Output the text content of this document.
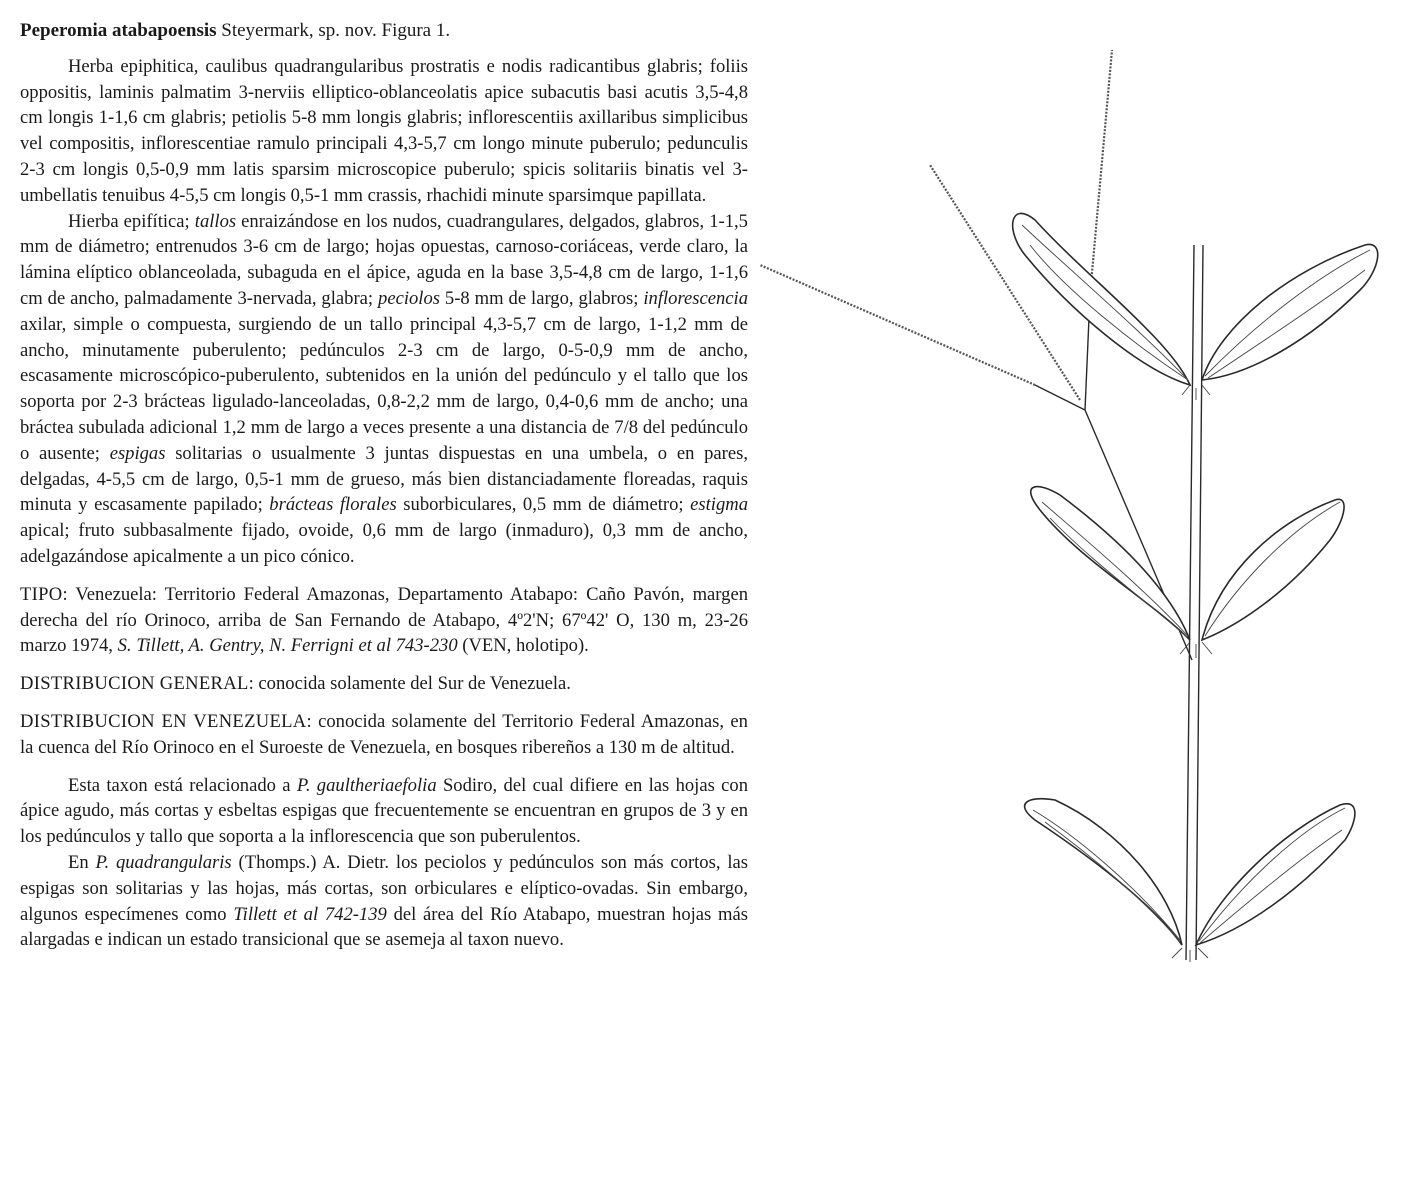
Peperomia atabapoensis Steyermark, sp. nov. Figura 1.

Herba epiphitica, caulibus quadrangularibus prostratis e nodis radicantibus glabris; foliis oppositis, laminis palmatim 3-nerviis elliptico-oblanceolatis apice subacutis basi acutis 3,5-4,8 cm longis 1-1,6 cm glabris; petiolis 5-8 mm longis glabris; inflorescentiis axillaribus simplicibus vel compositis, inflorescentiae ramulo principali 4,3-5,7 cm longo minute puberulo; pedunculis 2-3 cm longis 0,5-0,9 mm latis sparsim microscopice puberulo; spicis solitariis binatis vel 3-umbellatis tenuibus 4-5,5 cm longis 0,5-1 mm crassis, rhachidi minute sparsimque papillata.

Hierba epifítica; tallos enraizándose en los nudos, cuadrangulares, delgados, glabros, 1-1,5 mm de diámetro; entrenudos 3-6 cm de largo; hojas opuestas, carnoso-coriáceas, verde claro, la lámina elíptico oblanceolada, subaguda en el ápice, aguda en la base 3,5-4,8 cm de largo, 1-1,6 cm de ancho, palmadamente 3-nervada, glabra; peciolos 5-8 mm de largo, glabros; inflorescencia axilar, simple o compuesta, surgiendo de un tallo principal 4,3-5,7 cm de largo, 1-1,2 mm de ancho, minutamente puberulento; pedúnculos 2-3 cm de largo, 0-5-0,9 mm de ancho, escasamente microscópico-puberulento, subtenidos en la unión del pedúnculo y el tallo que los soporta por 2-3 brácteas ligulado-lanceoladas, 0,8-2,2 mm de largo, 0,4-0,6 mm de ancho; una bráctea subulada adicional 1,2 mm de largo a veces presente a una distancia de 7/8 del pedúnculo o ausente; espigas solitarias o usualmente 3 juntas dispuestas en una umbela, o en pares, delgadas, 4-5,5 cm de largo, 0,5-1 mm de grueso, más bien distanciadamente floreadas, raquis minuta y escasamente papilado; brácteas florales suborbiculares, 0,5 mm de diámetro; estigma apical; fruto subbasalmente fijado, ovoide, 0,6 mm de largo (inmaduro), 0,3 mm de ancho, adelgazándose apicalmente a un pico cónico.

TIPO: Venezuela: Territorio Federal Amazonas, Departamento Atabapo: Caño Pavón, margen derecha del río Orinoco, arriba de San Fernando de Atabapo, 4º2'N; 67º42' O, 130 m, 23-26 marzo 1974, S. Tillett, A. Gentry, N. Ferrigni et al 743-230 (VEN, holotipo).

DISTRIBUCION GENERAL: conocida solamente del Sur de Venezuela.

DISTRIBUCION EN VENEZUELA: conocida solamente del Territorio Federal Amazonas, en la cuenca del Río Orinoco en el Suroeste de Venezuela, en bosques ribereños a 130 m de altitud.

Esta taxon está relacionado a P. gaultheriaefolia Sodiro, del cual difiere en las hojas con ápice agudo, más cortas y esbeltas espigas que frecuentemente se encuentran en grupos de 3 y en los pedúnculos y tallo que soporta a la inflorescencia que son puberulentos.

En P. quadrangularis (Thomps.) A. Dietr. los peciolos y pedúnculos son más cortos, las espigas son solitarias y las hojas, más cortas, son orbiculares e elíptico-ovadas. Sin embargo, algunos especímenes como Tillett et al 742-139 del área del Río Atabapo, muestran hojas más alargadas e indican un estado transicional que se asemeja al taxon nuevo.
